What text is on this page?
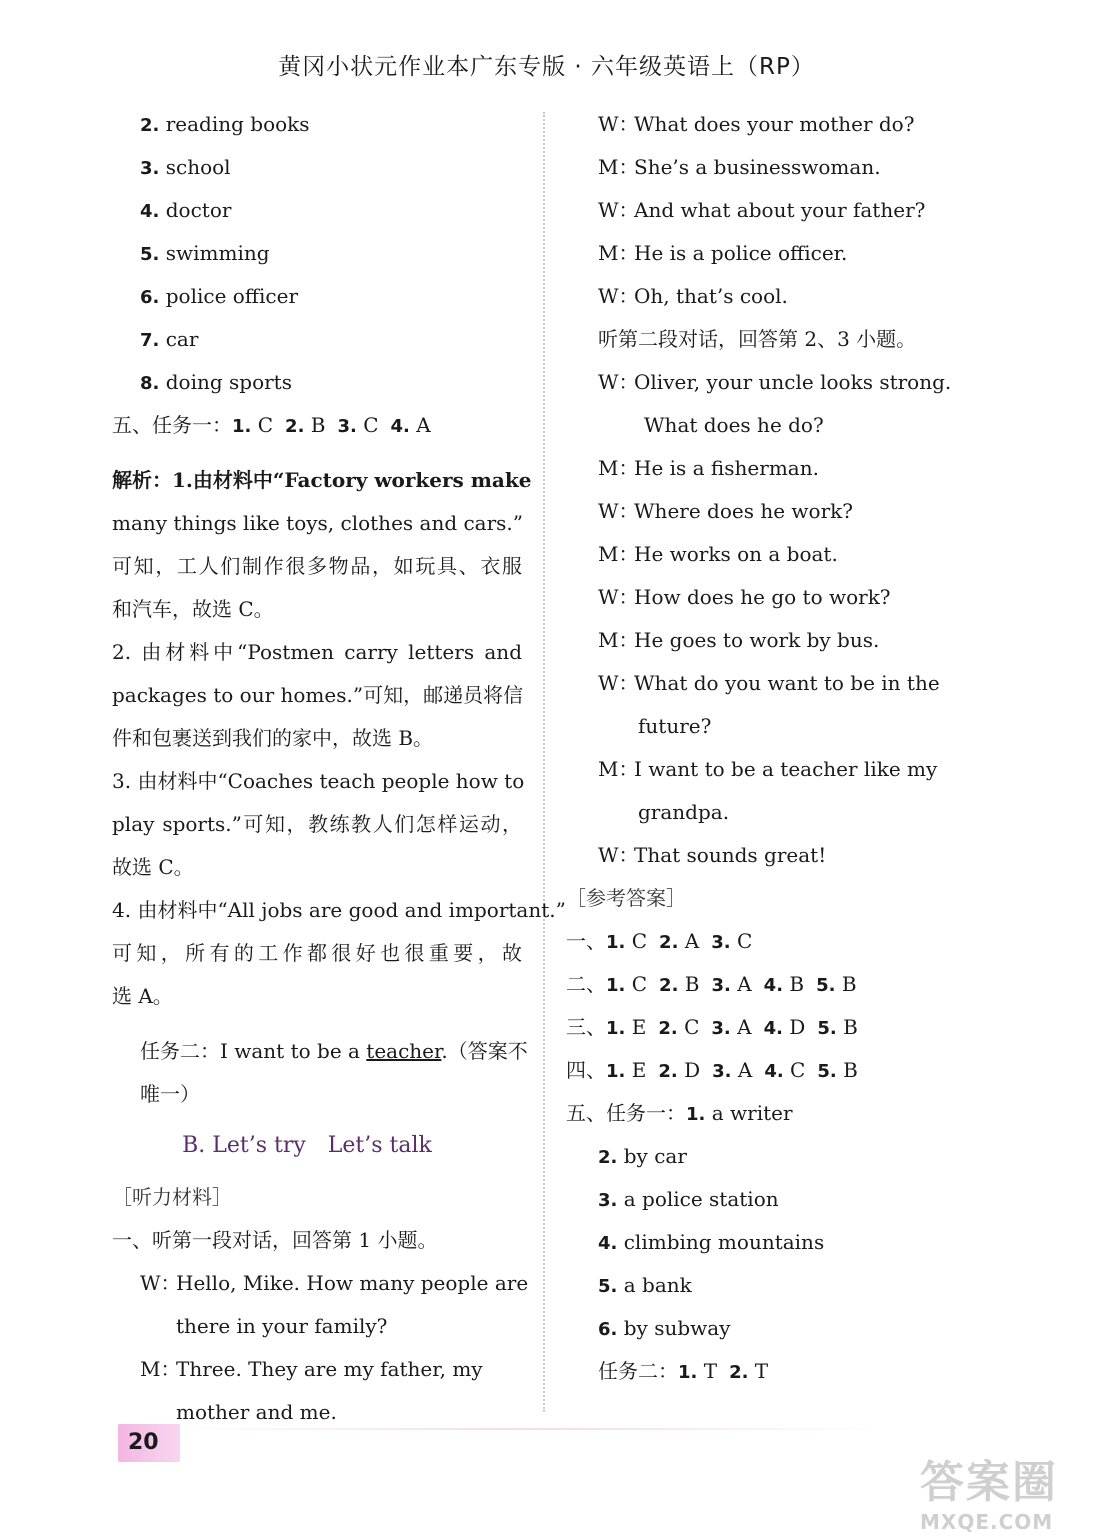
黄冈小状元作业本广东专版 · 六年级英语上（RP）
2. reading books
3. school
4. doctor
5. swimming
6. police officer
7. car
8. doing sports
五、任务一：1. C 2. B 3. C 4. A
解析：1.由材料中“Factory workers make
many things like toys, clothes and cars.”
可知，工人们制作很多物品，如玩具、衣服
和汽车，故选 C。
2. 由材料中“Postmen carry letters and
packages to our homes.”可知，邮递员将信
件和包裹送到我们的家中，故选 B。
3. 由材料中“Coaches teach people how to
play sports.”可知，教练教人们怎样运动，
故选 C。
4. 由材料中“All jobs are good and important.”
可知，所有的工作都很好也很重要，故
选 A。
任务二：I want to be a teacher.（答案不
唯一）
B. Let’s try　Let’s talk
［听力材料］
一、听第一段对话，回答第 1 小题。
W：Hello, Mike. How many people are
there in your family?
M：Three. They are my father, my
mother and me.
W：What does your mother do?
M：She’s a businesswoman.
W：And what about your father?
M：He is a police officer.
W：Oh, that’s cool.
听第二段对话，回答第 2、3 小题。
W：Oliver, your uncle looks strong.
What does he do?
M：He is a fisherman.
W：Where does he work?
M：He works on a boat.
W：How does he go to work?
M：He goes to work by bus.
W：What do you want to be in the
future?
M：I want to be a teacher like my
grandpa.
W：That sounds great!
［参考答案］
一、1. C 2. A 3. C
二、1. C 2. B 3. A 4. B 5. B
三、1. E 2. C 3. A 4. D 5. B
四、1. E 2. D 3. A 4. C 5. B
五、任务一：1. a writer
2. by car
3. a police station
4. climbing mountains
5. a bank
6. by subway
任务二：1. T 2. T
20
答案圈
MXQE.COM
